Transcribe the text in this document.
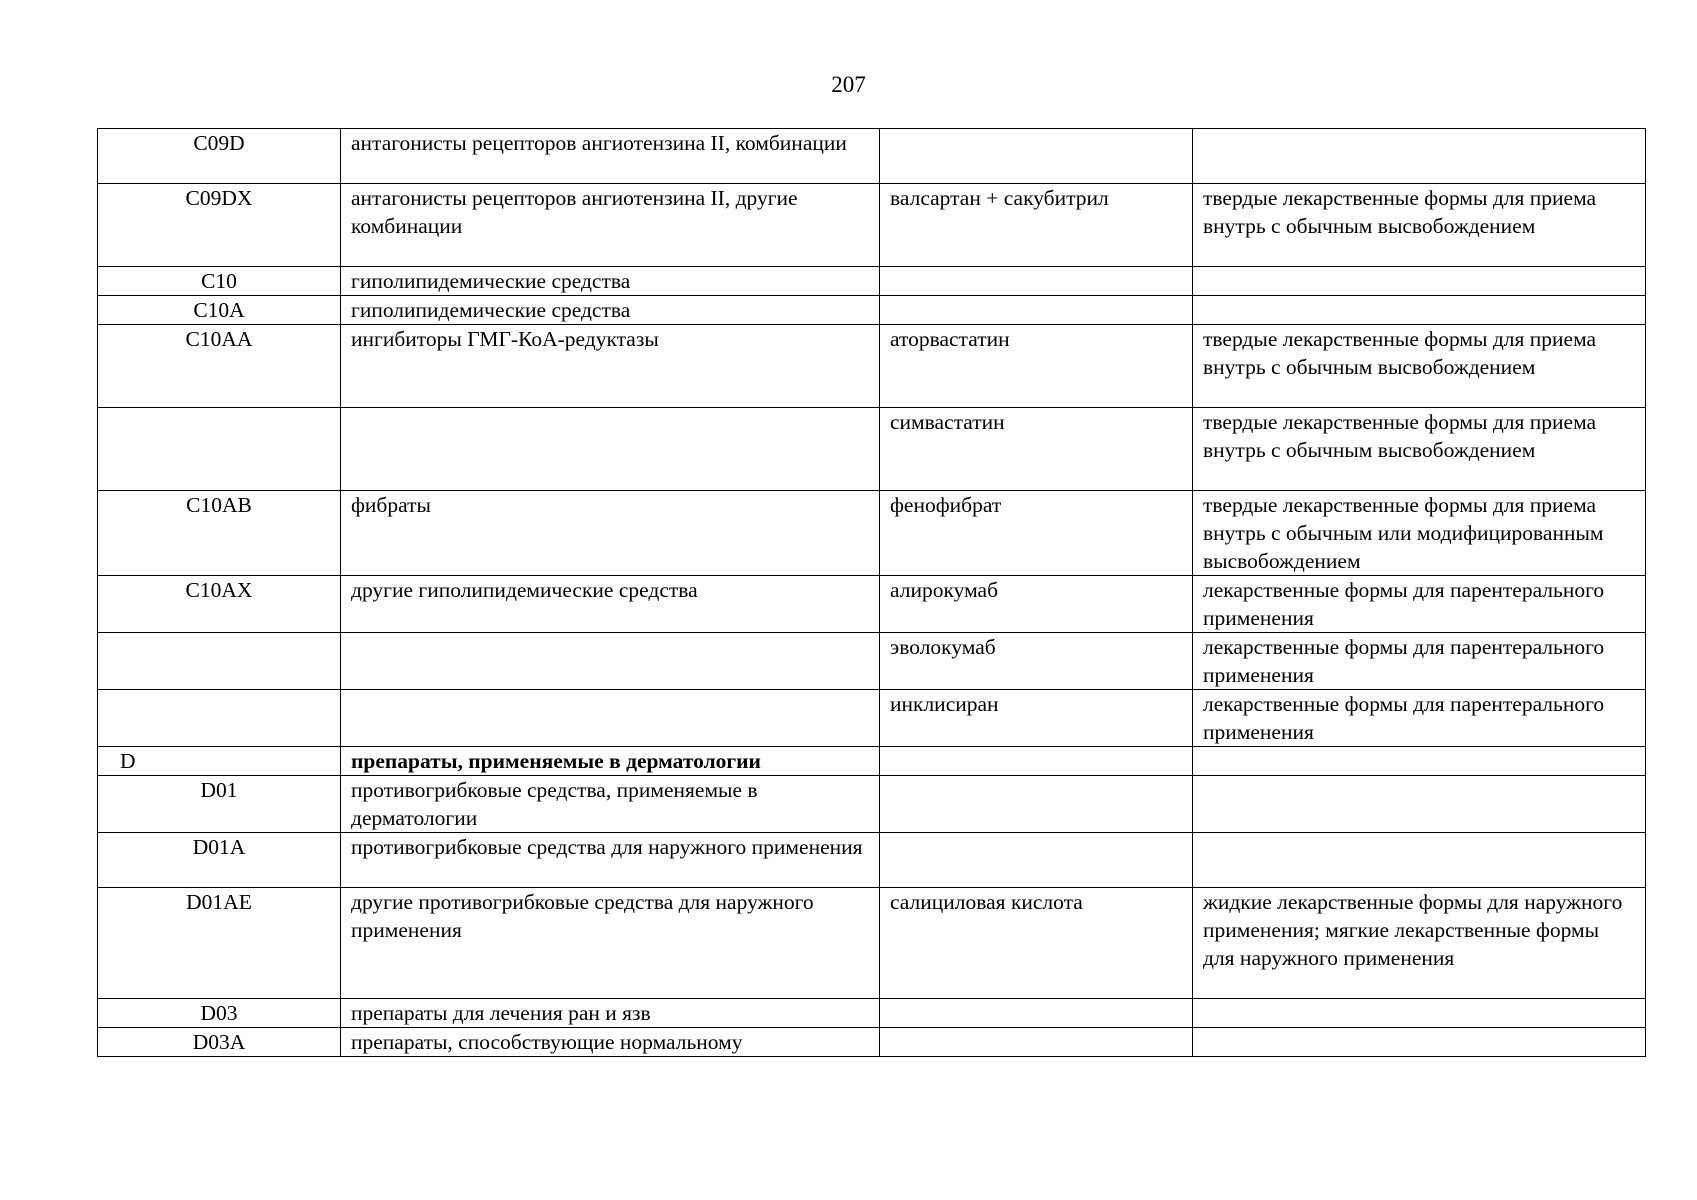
207
C09D	антагонисты рецепторов ангиотензина II, комбинации		
C09DX	антагонисты рецепторов ангиотензина II, другие комбинации	валсартан + сакубитрил	твердые лекарственные формы для приема внутрь с обычным высвобождением
C10	гиполипидемические средства		
C10A	гиполипидемические средства		
C10AA	ингибиторы ГМГ-КоА-редуктазы	аторвастатин	твердые лекарственные формы для приема внутрь с обычным высвобождением
		симвастатин	твердые лекарственные формы для приема внутрь с обычным высвобождением
C10AB	фибраты	фенофибрат	твердые лекарственные формы для приема внутрь с обычным или модифицированным высвобождением
C10AX	другие гиполипидемические средства	алирокумаб	лекарственные формы для парентерального применения
		эволокумаб	лекарственные формы для парентерального применения
		инклисиран	лекарственные формы для парентерального применения
D	препараты, применяемые в дерматологии		
D01	противогрибковые средства, применяемые в дерматологии		
D01A	противогрибковые средства для наружного применения		
D01AE	другие противогрибковые средства для наружного применения	салициловая кислота	жидкие лекарственные формы для наружного применения; мягкие лекарственные формы для наружного применения
D03	препараты для лечения ран и язв		
D03A	препараты, способствующие нормальному		
